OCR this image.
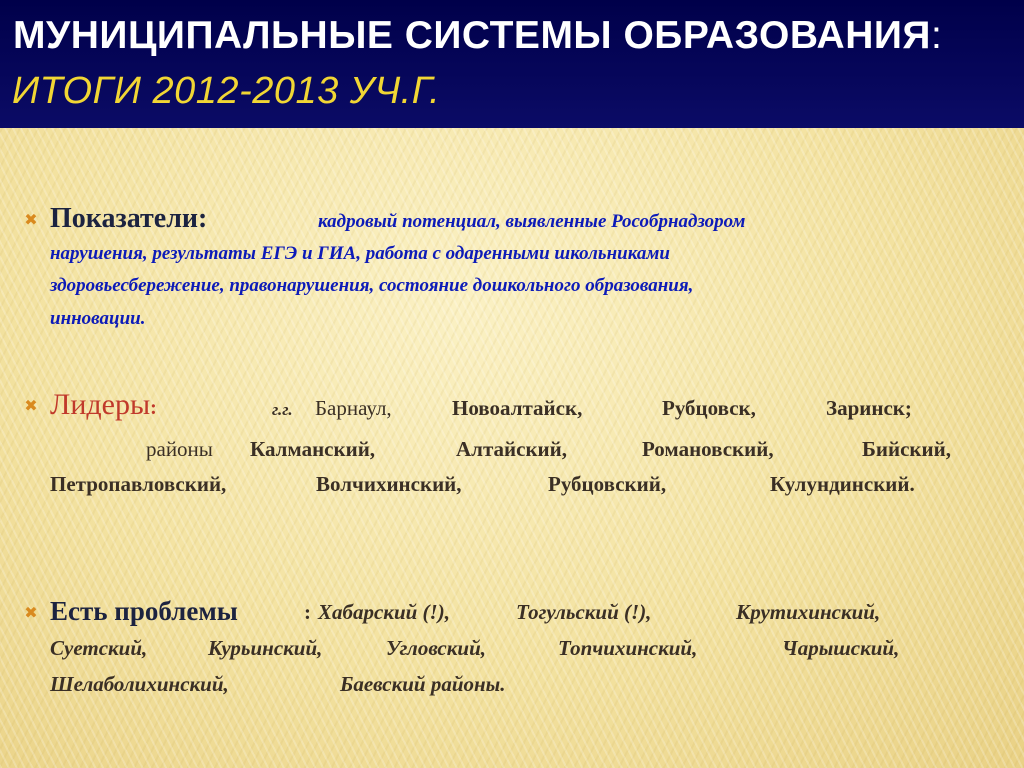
МУНИЦИПАЛЬНЫЕ СИСТЕМЫ ОБРАЗОВАНИЯ:
ИТОГИ 2012-2013 УЧ.Г.
✖ Показатели:	кадровый потенциал, выявленные Рособрнадзором
нарушения, результаты ЕГЭ и ГИА, работа с одаренными школьниками
здоровьесбережение, правонарушения, состояние дошкольного образования,
инновации.
✖ Лидеры:	г.г. Барнаул,	Новоалтайск,	Рубцовск,	Заринск;
районы Калманский,	Алтайский,	Романовский,	Бийский,
Петропавловский,	Волчихинский,	Рубцовский,	Кулундинский.
✖ Есть проблемы	: Хабарский (!),	Тогульский (!),	Крутихинский,
Суетский,	Курьинский,	Угловский,	Топчихинский,	Чарышский,
Шелаболихинский,	Баевский районы.
